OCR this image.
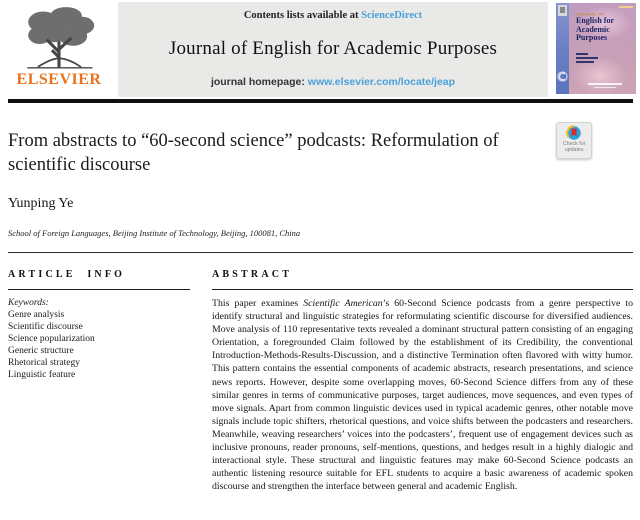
ELSEVIER
Contents lists available at ScienceDirect
Journal of English for Academic Purposes
journal homepage: www.elsevier.com/locate/jeap
JOURNAL OF
English for
Academic
Purposes
From abstracts to “60-second science” podcasts: Reformulation of scientific discourse
Check for
updates
Yunping Ye
School of Foreign Languages, Beijing Institute of Technology, Beijing, 100081, China
ARTICLE INFO
Keywords:
Genre analysis
Scientific discourse
Science popularization
Generic structure
Rhetorical strategy
Linguistic feature
ABSTRACT

This paper examines Scientific American’s 60-Second Science podcasts from a genre perspective to identify structural and linguistic strategies for reformulating scientific discourse for diversified audiences. Move analysis of 110 representative texts revealed a dominant structural pattern consisting of an engaging Orientation, a foregrounded Claim followed by the establishment of its Credibility, the conventional Introduction-Methods-Results-Discussion, and a distinctive Termination often flavored with witty humor. This pattern contains the essential components of academic abstracts, research presentations, and science news reports. However, despite some overlapping moves, 60-Second Science differs from any of these similar genres in terms of communicative purposes, target audiences, move sequences, and even types of move signals. Apart from common linguistic devices used in typical academic genres, other notable move signals include topic shifters, rhetorical questions, and voice shifts between the podcasters and researchers. Meanwhile, weaving researchers’ voices into the podcasters’, frequent use of engagement devices such as inclusive pronouns, reader pronouns, self-mentions, questions, and hedges result in a highly dialogic and interactional style. These structural and linguistic features may make 60-Second Science podcasts an authentic listening resource suitable for EFL students to acquire a basic awareness of academic spoken discourse and strengthen the interface between general and academic English.
